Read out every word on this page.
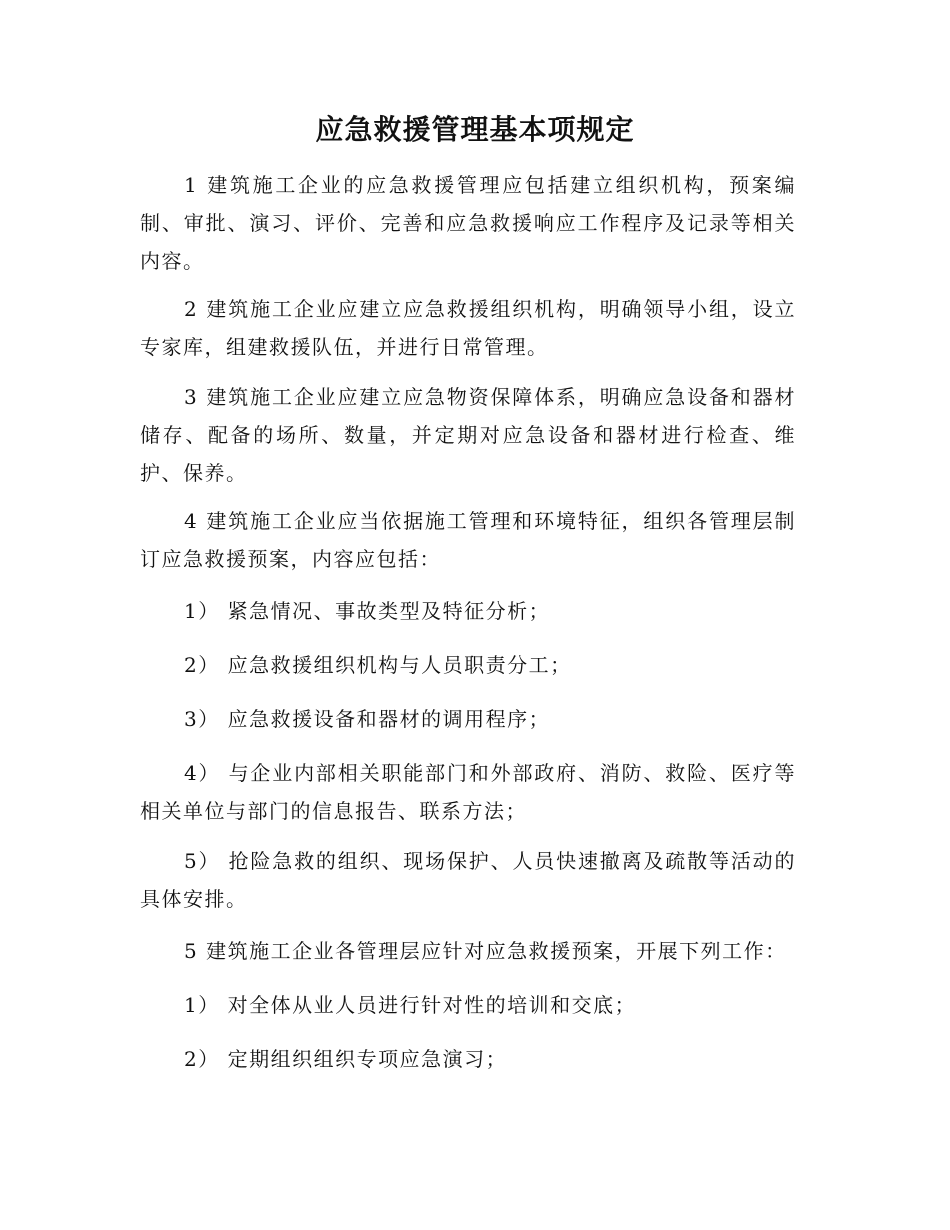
应急救援管理基本项规定

1 建筑施工企业的应急救援管理应包括建立组织机构，预案编制、审批、演习、评价、完善和应急救援响应工作程序及记录等相关内容。

2 建筑施工企业应建立应急救援组织机构，明确领导小组，设立专家库，组建救援队伍，并进行日常管理。

3 建筑施工企业应建立应急物资保障体系，明确应急设备和器材储存、配备的场所、数量，并定期对应急设备和器材进行检查、维护、保养。

4 建筑施工企业应当依据施工管理和环境特征，组织各管理层制订应急救援预案，内容应包括：

1） 紧急情况、事故类型及特征分析；

2） 应急救援组织机构与人员职责分工；

3） 应急救援设备和器材的调用程序；

4） 与企业内部相关职能部门和外部政府、消防、救险、医疗等相关单位与部门的信息报告、联系方法；

5） 抢险急救的组织、现场保护、人员快速撤离及疏散等活动的具体安排。

5 建筑施工企业各管理层应针对应急救援预案，开展下列工作：

1） 对全体从业人员进行针对性的培训和交底；

2） 定期组织组织专项应急演习；
